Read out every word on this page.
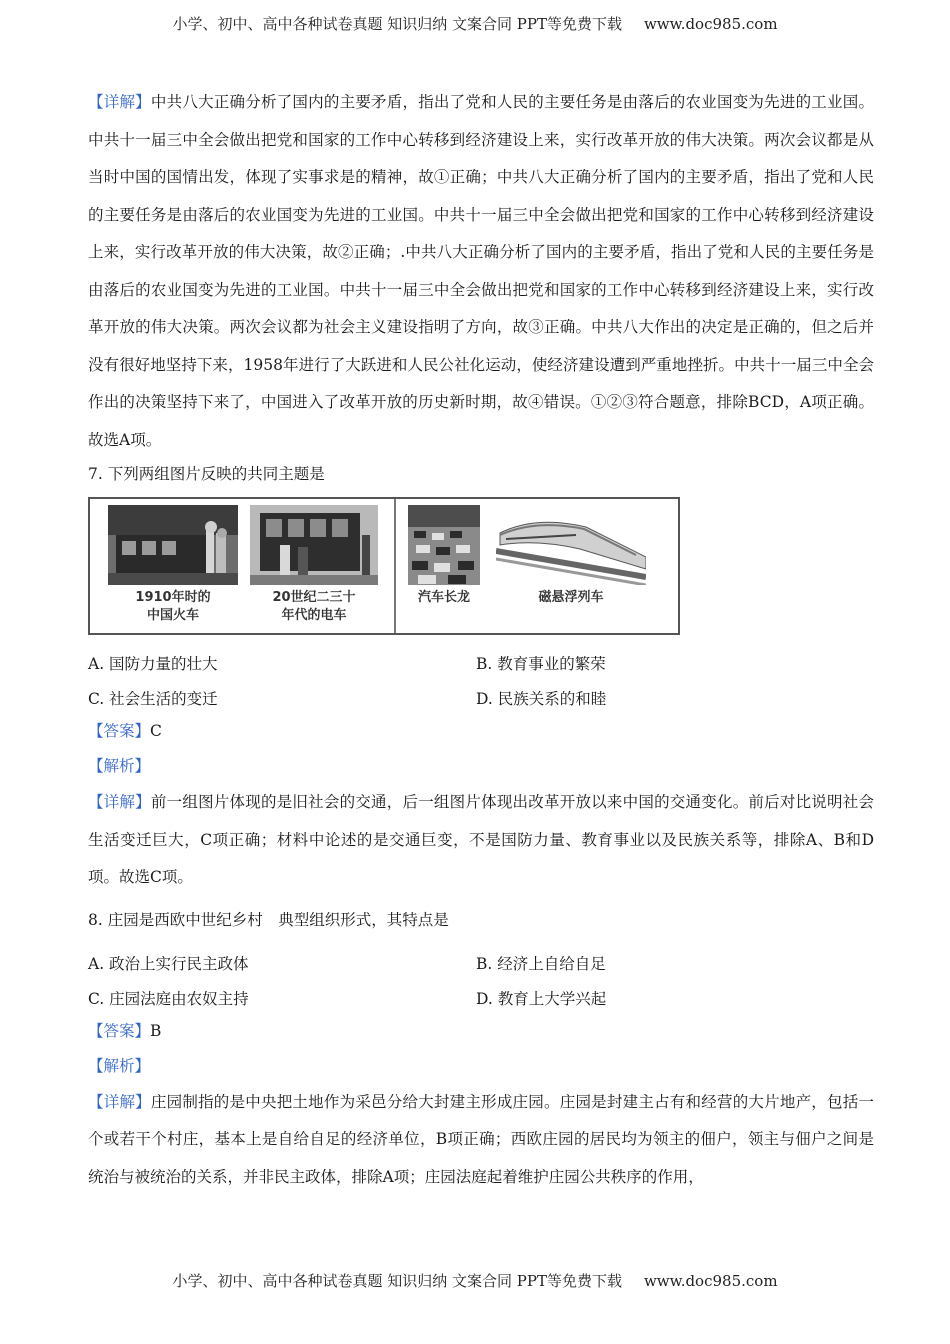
小学、初中、高中各种试卷真题 知识归纳 文案合同 PPT等免费下载 www.doc985.com

【详解】中共八大正确分析了国内的主要矛盾，指出了党和人民的主要任务是由落后的农业国变为先进的工业国。中共十一届三中全会做出把党和国家的工作中心转移到经济建设上来，实行改革开放的伟大决策。两次会议都是从当时中国的国情出发，体现了实事求是的精神，故①正确；中共八大正确分析了国内的主要矛盾，指出了党和人民的主要任务是由落后的农业国变为先进的工业国。中共十一届三中全会做出把党和国家的工作中心转移到经济建设上来，实行改革开放的伟大决策，故②正确；.中共八大正确分析了国内的主要矛盾，指出了党和人民的主要任务是由落后的农业国变为先进的工业国。中共十一届三中全会做出把党和国家的工作中心转移到经济建设上来，实行改革开放的伟大决策。两次会议都为社会主义建设指明了方向，故③正确。中共八大作出的决定是正确的，但之后并没有很好地坚持下来，1958年进行了大跃进和人民公社化运动，使经济建设遭到严重地挫折。中共十一届三中全会作出的决策坚持下来了，中国进入了改革开放的历史新时期，故④错误。①②③符合题意，排除BCD，A项正确。故选A项。

7. 下列两组图片反映的共同主题是

1910年时的
中国火车
20世纪二三十
年代的电车
汽车长龙	磁悬浮列车
A. 国防力量的壮大	B. 教育事业的繁荣
C. 社会生活的变迁	D. 民族关系的和睦

【答案】C

【解析】

【详解】前一组图片体现的是旧社会的交通，后一组图片体现出改革开放以来中国的交通变化。前后对比说明社会生活变迁巨大，C项正确；材料中论述的是交通巨变，不是国防力量、教育事业以及民族关系等，排除A、B和D项。故选C项。

8. 庄园是西欧中世纪乡村　典型组织形式，其特点是

A. 政治上实行民主政体	B. 经济上自给自足
C. 庄园法庭由农奴主持	D. 教育上大学兴起

【答案】B

【解析】

【详解】庄园制指的是中央把土地作为采邑分给大封建主形成庄园。庄园是封建主占有和经营的大片地产，包括一个或若干个村庄，基本上是自给自足的经济单位，B项正确；西欧庄园的居民均为领主的佃户，领主与佃户之间是统治与被统治的关系，并非民主政体，排除A项；庄园法庭起着维护庄园公共秩序的作用，

小学、初中、高中各种试卷真题 知识归纳 文案合同 PPT等免费下载 www.doc985.com
